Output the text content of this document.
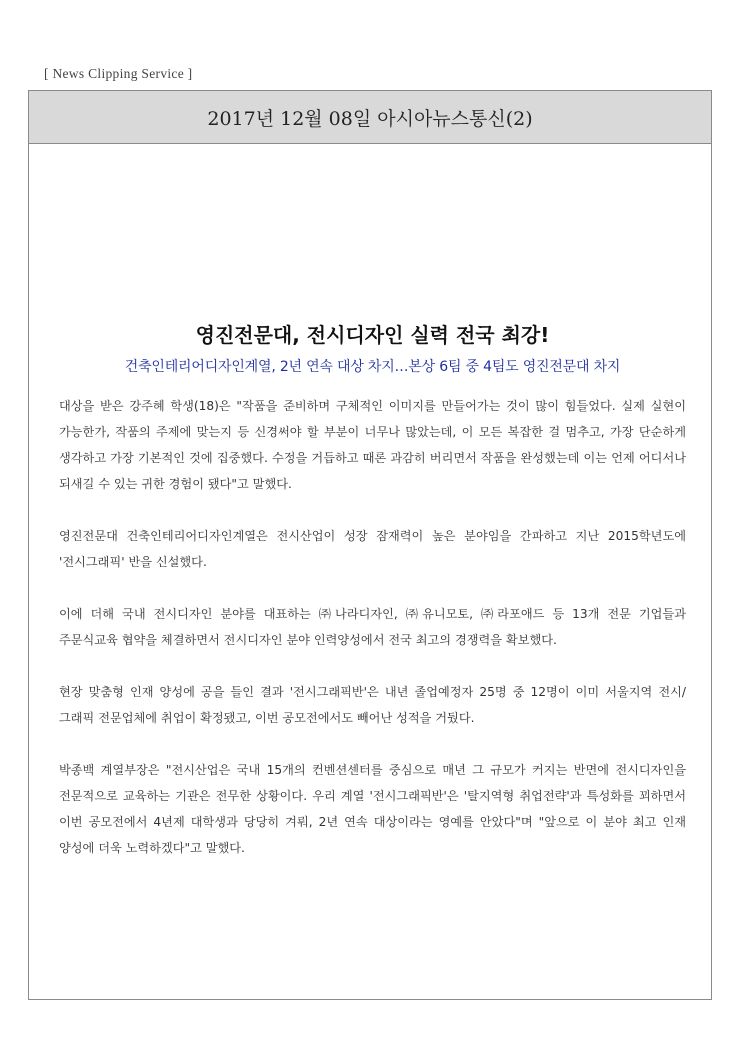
[ News Clipping Service ]
2017년 12월 08일 아시아뉴스통신(2)
영진전문대, 전시디자인 실력 전국 최강!
건축인테리어디자인계열, 2년 연속 대상 차지…본상 6팀 중 4팀도 영진전문대 차지

대상을 받은 강주혜 학생(18)은 "작품을 준비하며 구체적인 이미지를 만들어가는 것이 많이 힘들었다. 실제 실현이 가능한가, 작품의 주제에 맞는지 등 신경써야 할 부분이 너무나 많았는데, 이 모든 복잡한 걸 멈추고, 가장 단순하게 생각하고 가장 기본적인 것에 집중했다. 수정을 거듭하고 때론 과감히 버리면서 작품을 완성했는데 이는 언제 어디서나 되새길 수 있는 귀한 경험이 됐다"고 말했다.

영진전문대 건축인테리어디자인계열은 전시산업이 성장 잠재력이 높은 분야임을 간파하고 지난 2015학년도에 '전시그래픽' 반을 신설했다.

이에 더해 국내 전시디자인 분야를 대표하는 ㈜나라디자인, ㈜유니모토, ㈜라포애드 등 13개 전문 기업들과 주문식교육 협약을 체결하면서 전시디자인 분야 인력양성에서 전국 최고의 경쟁력을 확보했다.

현장 맞춤형 인재 양성에 공을 들인 결과 '전시그래픽반'은 내년 졸업예정자 25명 중 12명이 이미 서울지역 전시/그래픽 전문업체에 취업이 확정됐고, 이번 공모전에서도 빼어난 성적을 거뒀다.

박종백 계열부장은 "전시산업은 국내 15개의 컨벤션센터를 중심으로 매년 그 규모가 커지는 반면에 전시디자인을 전문적으로 교육하는 기관은 전무한 상황이다. 우리 계열 '전시그래픽반'은 '탈지역형 취업전략'과 특성화를 꾀하면서 이번 공모전에서 4년제 대학생과 당당히 겨뤄, 2년 연속 대상이라는 영예를 안았다"며 "앞으로 이 분야 최고 인재 양성에 더욱 노력하겠다"고 말했다.
